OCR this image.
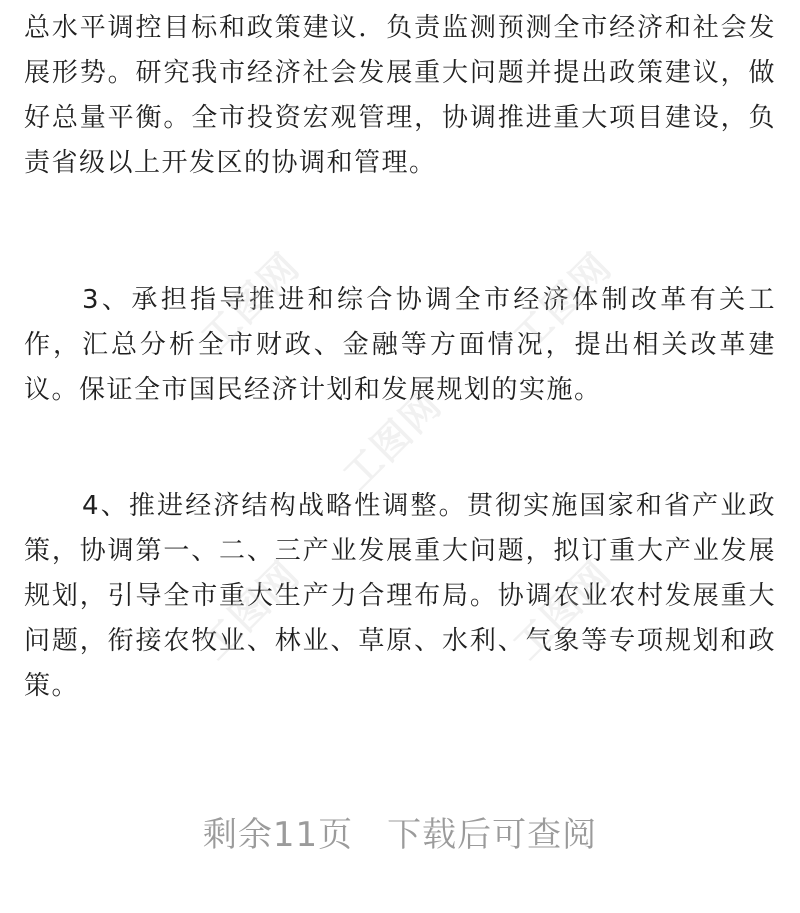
总水平调控目标和政策建议．负责监测预测全市经济和社会发展形势。研究我市经济社会发展重大问题并提出政策建议，做好总量平衡。全市投资宏观管理，协调推进重大项目建设，负责省级以上开发区的协调和管理。

3、承担指导推进和综合协调全市经济体制改革有关工作，汇总分析全市财政、金融等方面情况，提出相关改革建议。保证全市国民经济计划和发展规划的实施。

4、推进经济结构战略性调整。贯彻实施国家和省产业政策，协调第一、二、三产业发展重大问题，拟订重大产业发展规划，引导全市重大生产力合理布局。协调农业农村发展重大问题，衔接农牧业、林业、草原、水利、气象等专项规划和政策。

工图网	工图网
工图网
工图网	工图网
剩余11页 下载后可查阅
